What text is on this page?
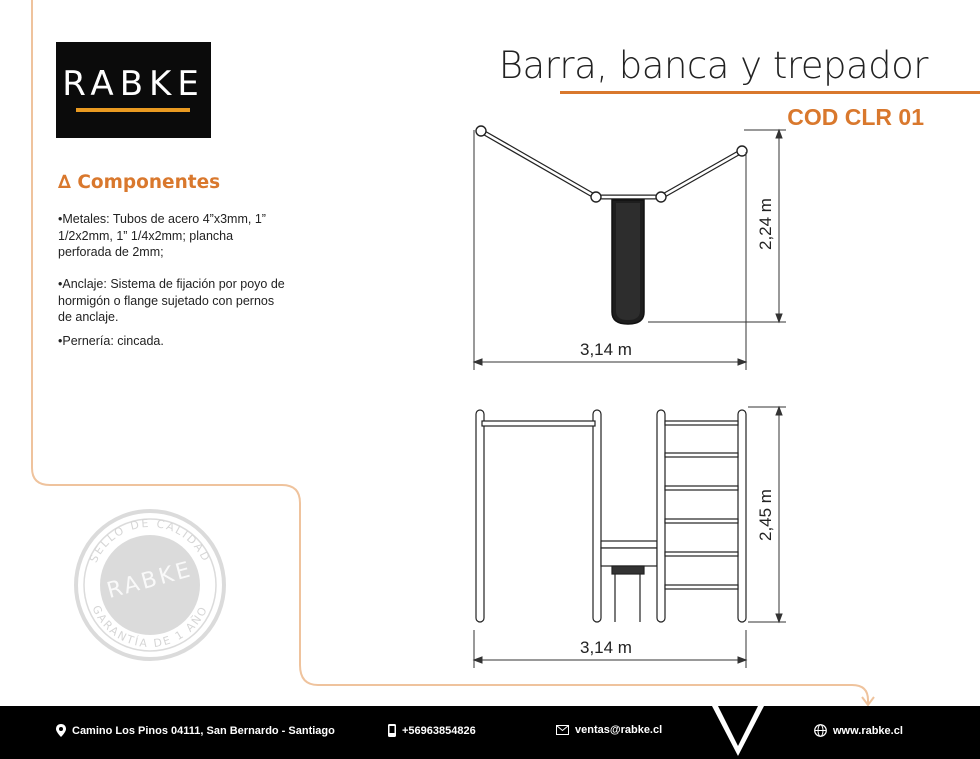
SELLO DE CALIDAD
GARANTÍA DE 1 AÑO
RABKE
RABKE	Barra, banca y trepador
COD CLR 01
∆ Componentes
•Metales: Tubos de acero 4”x3mm, 1” 1/2x2mm, 1” 1/4x2mm; plancha perforada de 2mm;
•Anclaje: Sistema de fijación por poyo de hormigón o flange sujetado con pernos de anclaje.
•Pernería: cincada.	3,14 m
2,24 m
3,14 m
2,45 m
Camino Los Pinos 04111, San Bernardo - Santiago	+56963854826	ventas@rabke.cl	www.rabke.cl
